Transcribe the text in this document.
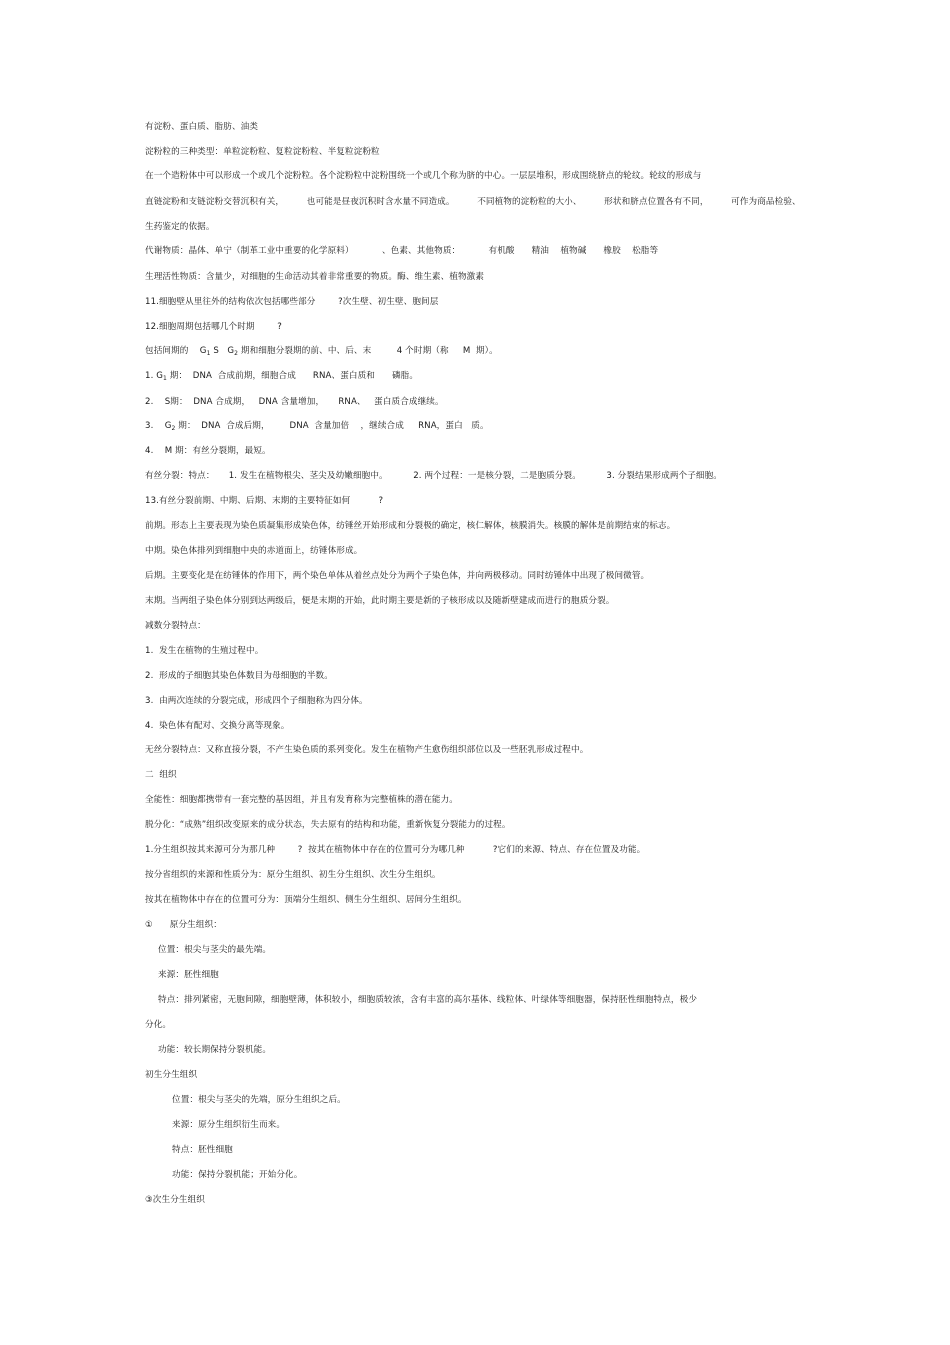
有淀粉、蛋白质、脂肪、油类
淀粉粒的三种类型：单粒淀粉粒、复粒淀粉粒、半复粒淀粉粒
在一个造粉体中可以形成一个或几个淀粉粒。各个淀粉粒中淀粉围绕一个或几个称为脐的中心。一层层堆积，形成围绕脐点的轮纹。轮纹的形成与
直链淀粉和支链淀粉交替沉积有关，        也可能是昼夜沉积时含水量不同造成。        不同植物的淀粉粒的大小、        形状和脐点位置各有不同，        可作为商品检验、
生药鉴定的依据。
代谢物质：晶体、单宁（制革工业中重要的化学原料）          、色素、其他物质：          有机酸      精油    植物碱      橡胶    松脂等
生理活性物质：含量少，对细胞的生命活动其着非常重要的物质。酶、维生素、植物激素
11.细胞壁从里往外的结构依次包括哪些部分        ?次生壁、初生壁、胞间层
12.细胞周期包括哪几个时期        ?
包括间期的    $G_1$ S   $G_2$ 期和细胞分裂期的前、中、后、末         4 个时期（称     M  期）。
1. $G_1$ 期：  DNA  合成前期，细胞合成      RNA、蛋白质和      磷脂。
2.    S期：  DNA 合成期，   DNA 含量增加，     RNA、   蛋白质合成继续。
3.    $G_2$ 期：  DNA  合成后期，       DNA  含量加倍    ，继续合成     RNA，蛋白   质。
4.    M 期：有丝分裂期，最短。
有丝分裂：特点：     1. 发生在植物根尖、茎尖及幼嫩细胞中。         2. 两个过程：一是核分裂，二是胞质分裂。         3. 分裂结果形成两个子细胞。
13.有丝分裂前期、中期、后期、末期的主要特征如何          ?
前期。形态上主要表现为染色质凝集形成染色体，纺锤丝开始形成和分裂极的确定，核仁解体，核膜消失。核膜的解体是前期结束的标志。
中期。染色体排列到细胞中央的赤道面上，纺锤体形成。
后期。主要变化是在纺锤体的作用下，两个染色单体从着丝点处分为两个子染色体，并向两极移动。同时纺锤体中出现了极间微管。
末期。当两组子染色体分别到达两级后，便是末期的开始，此时期主要是新的子核形成以及随新壁建成而进行的胞质分裂。
减数分裂特点：
1.  发生在植物的生殖过程中。
2.  形成的子细胞其染色体数目为母细胞的半数。
3.  由两次连续的分裂完成，形成四个子细胞称为四分体。
4.  染色体有配对、交换分离等现象。
无丝分裂特点：又称直接分裂，不产生染色质的系列变化。发生在植物产生愈伤组织部位以及一些胚乳形成过程中。
二  组织
全能性：细胞都携带有一套完整的基因组，并且有发育称为完整植株的潜在能力。
脱分化：“成熟”组织改变原来的成分状态，失去原有的结构和功能，重新恢复分裂能力的过程。
1.分生组织按其来源可分为那几种        ?  按其在植物体中存在的位置可分为哪几种          ?它们的来源、特点、存在位置及功能。
按分省组织的来源和性质分为：原分生组织、初生分生组织、次生分生组织。
按其在植物体中存在的位置可分为：顶端分生组织、侧生分生组织、居间分生组织。
①      原分生组织：
位置：根尖与茎尖的最先端。
来源：胚性细胞
特点：排列紧密，无胞间隙，细胞壁薄，体积较小，细胞质较浓，含有丰富的高尔基体、线粒体、叶绿体等细胞器，保持胚性细胞特点，极少
分化。
功能：较长期保持分裂机能。
初生分生组织
位置：根尖与茎尖的先端，原分生组织之后。
来源：原分生组织衍生而来。
特点：胚性细胞
功能：保持分裂机能；开始分化。
③次生分生组织
